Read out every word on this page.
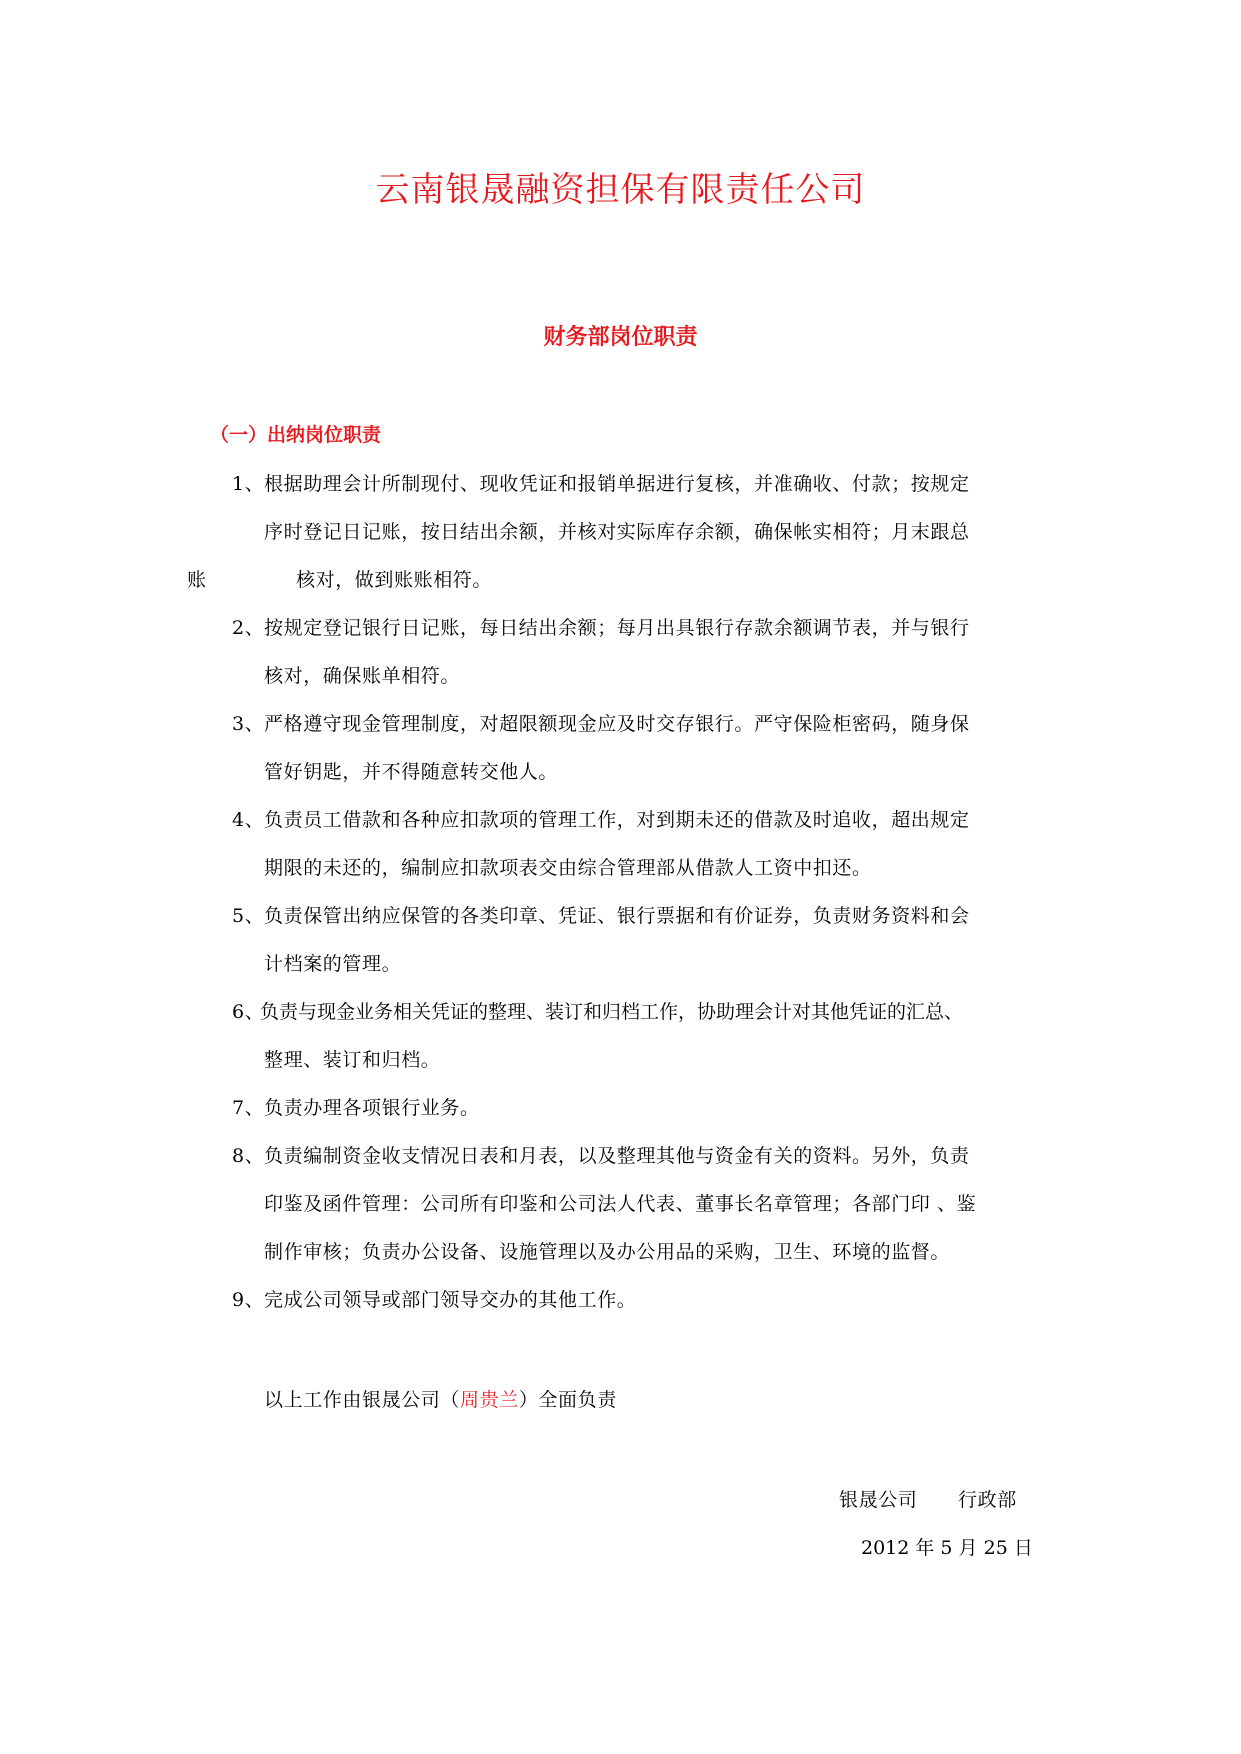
云南银晟融资担保有限责任公司
财务部岗位职责
（一）出纳岗位职责
1、 根据助理会计所制现付、现收凭证和报销单据进行复核，并准确收、付款；按规定
序时登记日记账，按日结出余额，并核对实际库存余额，确保帐实相符；月末跟总
账	核对，做到账账相符。
2、 按规定登记银行日记账，每日结出余额；每月出具银行存款余额调节表，并与银行
核对，确保账单相符。
3、 严格遵守现金管理制度，对超限额现金应及时交存银行。严守保险柜密码，随身保
管好钥匙，并不得随意转交他人。
4、 负责员工借款和各种应扣款项的管理工作，对到期未还的借款及时追收，超出规定
期限的未还的，编制应扣款项表交由综合管理部从借款人工资中扣还。
5、 负责保管出纳应保管的各类印章、凭证、银行票据和有价证券，负责财务资料和会
计档案的管理。
6、
负责与现金业务相关凭证的整理、装订和归档工作，协助理会计对其他凭证的汇总、
整理、装订和归档。
7、 负责办理各项银行业务。
8、 负责编制资金收支情况日表和月表，以及整理其他与资金有关的资料。另外，负责
印鉴及函件管理：公司所有印鉴和公司法人代表、董事长名章管理；各部门印 、鉴
制作审核；负责办公设备、设施管理以及办公用品的采购，卫生、环境的监督。
9、 完成公司领导或部门领导交办的其他工作。
以上工作由银晟公司（周贵兰）全面负责
银晟公司 行政部
2012 年 5 月 25 日
